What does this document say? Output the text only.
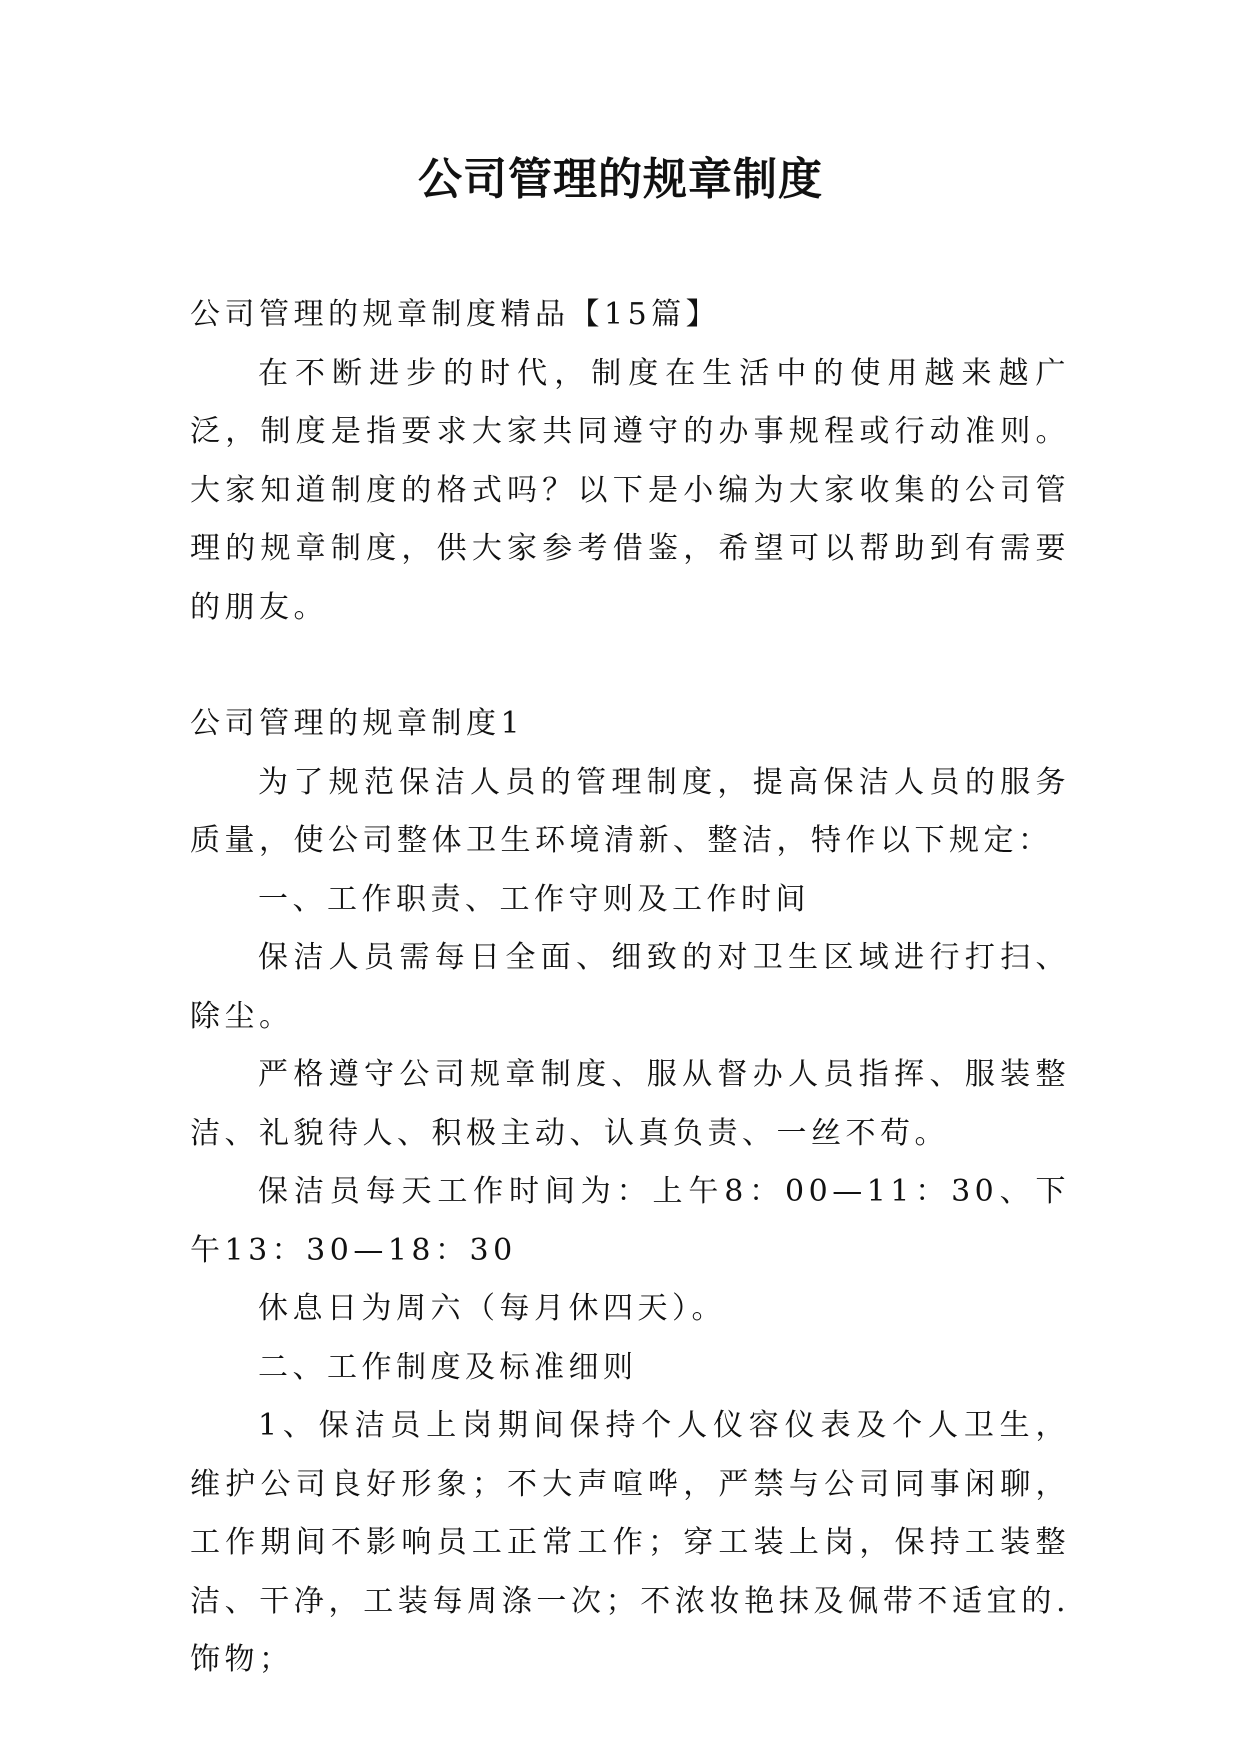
公司管理的规章制度

公司管理的规章制度精品【15篇】

在不断进步的时代，制度在生活中的使用越来越广泛，制度是指要求大家共同遵守的办事规程或行动准则。大家知道制度的格式吗？以下是小编为大家收集的公司管理的规章制度，供大家参考借鉴，希望可以帮助到有需要的朋友。

公司管理的规章制度1

为了规范保洁人员的管理制度，提高保洁人员的服务质量，使公司整体卫生环境清新、整洁，特作以下规定：

一、工作职责、工作守则及工作时间

保洁人员需每日全面、细致的对卫生区域进行打扫、除尘。

严格遵守公司规章制度、服从督办人员指挥、服装整洁、礼貌待人、积极主动、认真负责、一丝不苟。

保洁员每天工作时间为：上午8：00—11：30、下午13：30—18：30

休息日为周六（每月休四天）。

二、工作制度及标准细则

1、保洁员上岗期间保持个人仪容仪表及个人卫生，维护公司良好形象；不大声喧哗，严禁与公司同事闲聊，工作期间不影响员工正常工作；穿工装上岗，保持工装整洁、干净，工装每周涤一次；不浓妆艳抹及佩带不适宜的.饰物；
